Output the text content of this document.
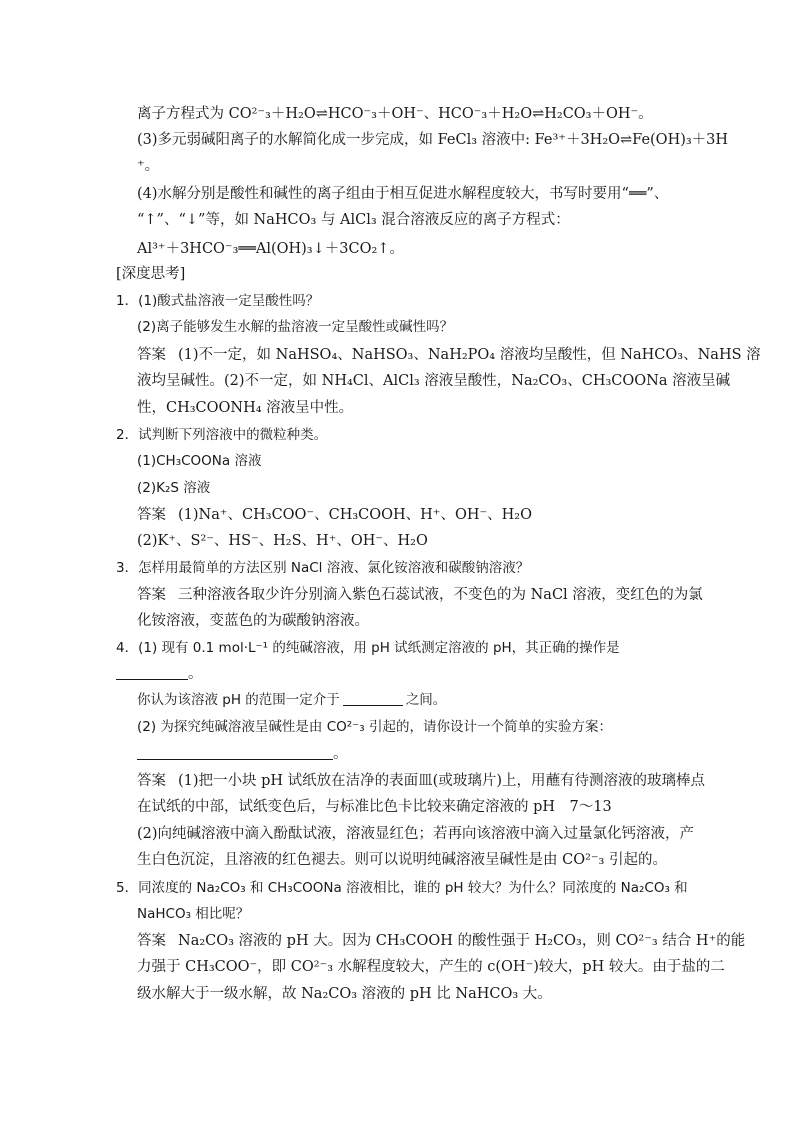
离子方程式为 CO²⁻₃＋H₂O⇌HCO⁻₃＋OH⁻、HCO⁻₃＋H₂O⇌H₂CO₃＋OH⁻。
(3)多元弱碱阳离子的水解简化成一步完成，如 FeCl₃ 溶液中: Fe³⁺＋3H₂O⇌Fe(OH)₃＋3H
⁺。
(4)水解分别是酸性和碱性的离子组由于相互促进水解程度较大，书写时要用“══”、
“↑”、“↓”等，如 NaHCO₃ 与 AlCl₃ 混合溶液反应的离子方程式：
Al³⁺＋3HCO⁻₃══Al(OH)₃↓＋3CO₂↑。
[深度思考]
1．(1)酸式盐溶液一定呈酸性吗？
(2)离子能够发生水解的盐溶液一定呈酸性或碱性吗？
答案 (1)不一定，如 NaHSO₄、NaHSO₃、NaH₂PO₄ 溶液均呈酸性，但 NaHCO₃、NaHS 溶
液均呈碱性。(2)不一定，如 NH₄Cl、AlCl₃ 溶液呈酸性，Na₂CO₃、CH₃COONa 溶液呈碱
性，CH₃COONH₄ 溶液呈中性。
2．试判断下列溶液中的微粒种类。
(1)CH₃COONa 溶液
(2)K₂S 溶液
答案 (1)Na⁺、CH₃COO⁻、CH₃COOH、H⁺、OH⁻、H₂O
(2)K⁺、S²⁻、HS⁻、H₂S、H⁺、OH⁻、H₂O
3．怎样用最简单的方法区别 NaCl 溶液、氯化铵溶液和碳酸钠溶液？
答案 三种溶液各取少许分别滴入紫色石蕊试液，不变色的为 NaCl 溶液，变红色的为氯
化铵溶液，变蓝色的为碳酸钠溶液。
4．(1) 现有 0.1 mol·L⁻¹ 的纯碱溶液，用 pH 试纸测定溶液的 pH，其正确的操作是
。
你认为该溶液 pH 的范围一定介于	之间。
(2) 为探究纯碱溶液呈碱性是由 CO²⁻₃ 引起的，请你设计一个简单的实验方案：
。
答案 (1)把一小块 pH 试纸放在洁净的表面皿(或玻璃片)上，用蘸有待测溶液的玻璃棒点
在试纸的中部，试纸变色后，与标准比色卡比较来确定溶液的 pH　7～13
(2)向纯碱溶液中滴入酚酞试液，溶液显红色；若再向该溶液中滴入过量氯化钙溶液，产
生白色沉淀，且溶液的红色褪去。则可以说明纯碱溶液呈碱性是由 CO²⁻₃ 引起的。
5．同浓度的 Na₂CO₃ 和 CH₃COONa 溶液相比，谁的 pH 较大？为什么？同浓度的 Na₂CO₃ 和
NaHCO₃ 相比呢？
答案 Na₂CO₃ 溶液的 pH 大。因为 CH₃COOH 的酸性强于 H₂CO₃，则 CO²⁻₃ 结合 H⁺的能
力强于 CH₃COO⁻，即 CO²⁻₃ 水解程度较大，产生的 c(OH⁻)较大，pH 较大。由于盐的二
级水解大于一级水解，故 Na₂CO₃ 溶液的 pH 比 NaHCO₃ 大。
